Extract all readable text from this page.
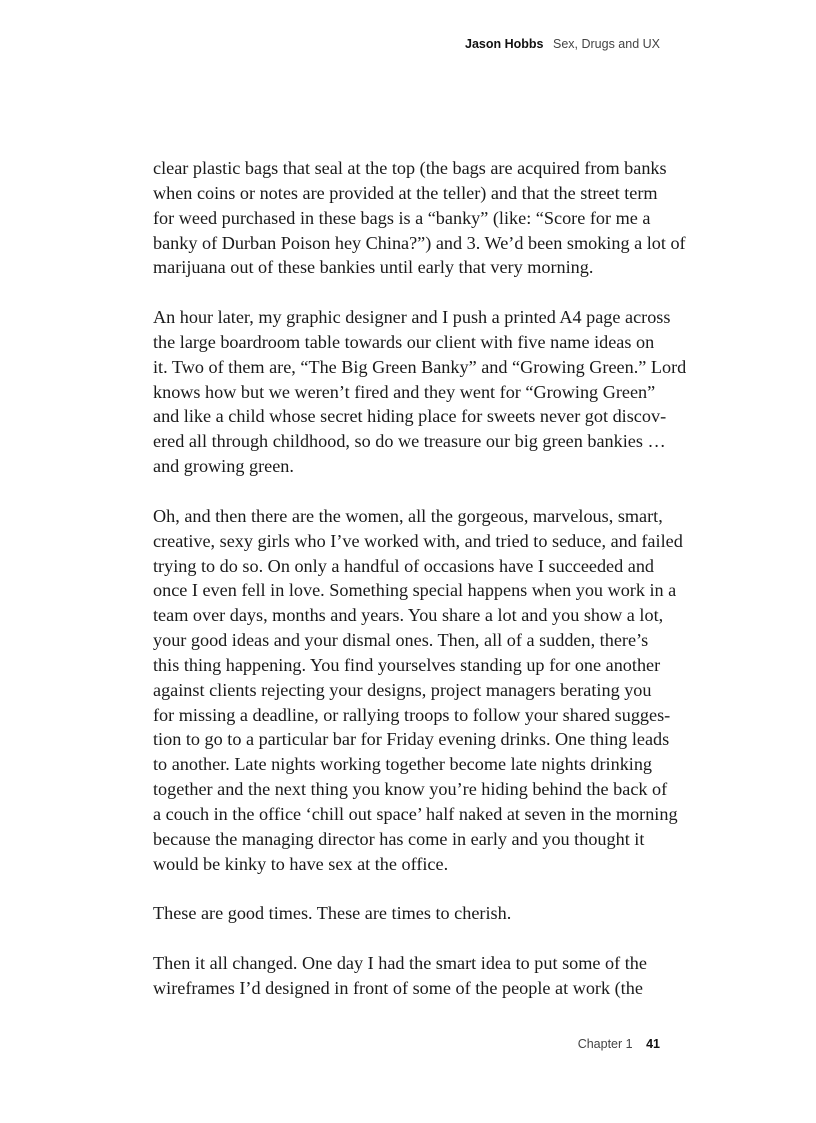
Jason Hobbs Sex, Drugs and UX
clear plastic bags that seal at the top (the bags are acquired from banks
when coins or notes are provided at the teller) and that the street term
for weed purchased in these bags is a “banky” (like: “Score for me a
banky of Durban Poison hey China?”) and 3. We’d been smoking a lot of
marijuana out of these bankies until early that very morning.
An hour later, my graphic designer and I push a printed A4 page across
the large boardroom table towards our client with five name ideas on
it. Two of them are, “The Big Green Banky” and “Growing Green.” Lord
knows how but we weren’t fired and they went for “Growing Green”
and like a child whose secret hiding place for sweets never got discov-
ered all through childhood, so do we treasure our big green bankies …
and growing green.
Oh, and then there are the women, all the gorgeous, marvelous, smart,
creative, sexy girls who I’ve worked with, and tried to seduce, and failed
trying to do so. On only a handful of occasions have I succeeded and
once I even fell in love. Something special happens when you work in a
team over days, months and years. You share a lot and you show a lot,
your good ideas and your dismal ones. Then, all of a sudden, there’s
this thing happening. You find yourselves standing up for one another
against clients rejecting your designs, project managers berating you
for missing a deadline, or rallying troops to follow your shared sugges-
tion to go to a particular bar for Friday evening drinks. One thing leads
to another. Late nights working together become late nights drinking
together and the next thing you know you’re hiding behind the back of
a couch in the office ‘chill out space’ half naked at seven in the morning
because the managing director has come in early and you thought it
would be kinky to have sex at the office.
These are good times. These are times to cherish.
Then it all changed. One day I had the smart idea to put some of the
wireframes I’d designed in front of some of the people at work (the
Chapter 1 41
